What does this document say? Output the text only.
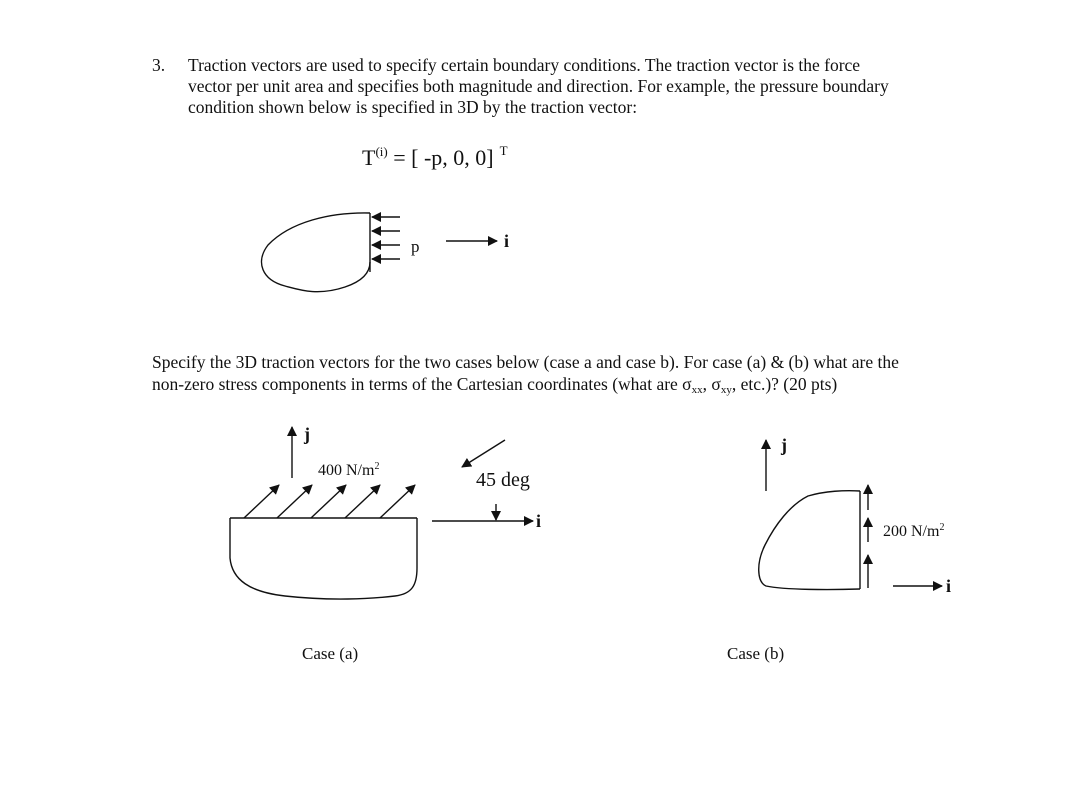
3. Traction vectors are used to specify certain boundary conditions. The traction vector is the force
vector per unit area and specifies both magnitude and direction. For example, the pressure boundary
condition shown below is specified in 3D by the traction vector:
$T^{(i)}$ = [ -p, 0, 0] $^T$
Specify the 3D traction vectors for the two cases below (case a and case b). For case (a) & (b) what are the
non-zero stress components in terms of the Cartesian coordinates (what are $\sigma_{xx}$, $\sigma_{xy}$, etc.)? (20 pts)
p	i
j
400 $N/m^2$
45 deg
i
Case (a)
j
200 $N/m^2$
i
Case (b)
